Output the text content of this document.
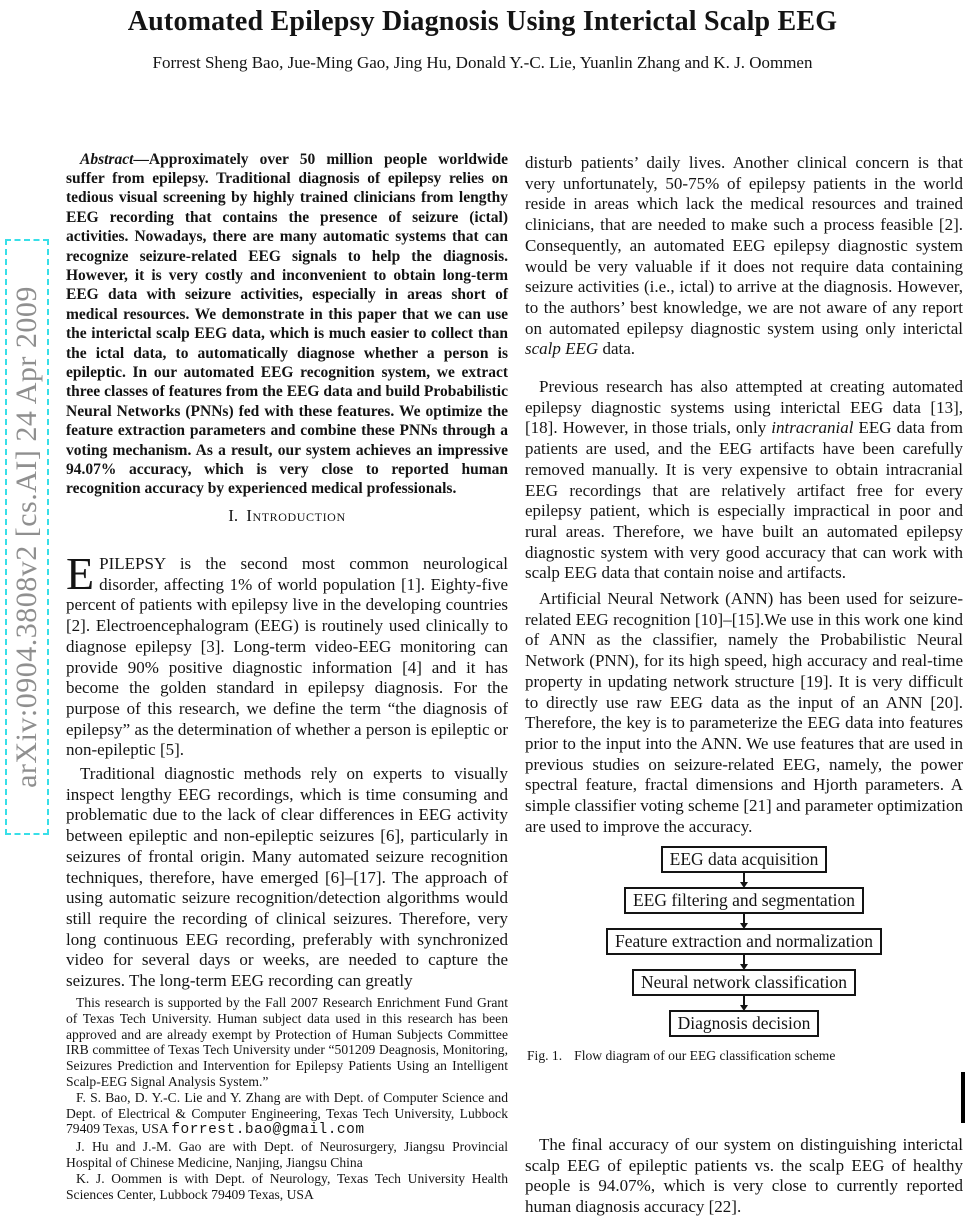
Automated Epilepsy Diagnosis Using Interictal Scalp EEG
Forrest Sheng Bao, Jue-Ming Gao, Jing Hu, Donald Y.-C. Lie, Yuanlin Zhang and K. J. Oommen
arXiv:0904.3808v2 [cs.AI] 24 Apr 2009

Abstract—Approximately over 50 million people worldwide suffer from epilepsy. Traditional diagnosis of epilepsy relies on tedious visual screening by highly trained clinicians from lengthy EEG recording that contains the presence of seizure (ictal) activities. Nowadays, there are many automatic systems that can recognize seizure-related EEG signals to help the diagnosis. However, it is very costly and inconvenient to obtain long-term EEG data with seizure activities, especially in areas short of medical resources. We demonstrate in this paper that we can use the interictal scalp EEG data, which is much easier to collect than the ictal data, to automatically diagnose whether a person is epileptic. In our automated EEG recognition system, we extract three classes of features from the EEG data and build Probabilistic Neural Networks (PNNs) fed with these features. We optimize the feature extraction parameters and combine these PNNs through a voting mechanism. As a result, our system achieves an impressive 94.07% accuracy, which is very close to reported human recognition accuracy by experienced medical professionals.

I. Introduction

EPILEPSY is the second most common neurological disorder, affecting 1% of world population [1]. Eighty-five percent of patients with epilepsy live in the developing countries [2]. Electroencephalogram (EEG) is routinely used clinically to diagnose epilepsy [3]. Long-term video-EEG monitoring can provide 90% positive diagnostic information [4] and it has become the golden standard in epilepsy diagnosis. For the purpose of this research, we define the term “the diagnosis of epilepsy” as the determination of whether a person is epileptic or non-epileptic [5].

Traditional diagnostic methods rely on experts to visually inspect lengthy EEG recordings, which is time consuming and problematic due to the lack of clear differences in EEG activity between epileptic and non-epileptic seizures [6], particularly in seizures of frontal origin. Many automated seizure recognition techniques, therefore, have emerged [6]–[17]. The approach of using automatic seizure recognition/detection algorithms would still require the recording of clinical seizures. Therefore, very long continuous EEG recording, preferably with synchronized video for several days or weeks, are needed to capture the seizures. The long-term EEG recording can greatly

This research is supported by the Fall 2007 Research Enrichment Fund Grant of Texas Tech University. Human subject data used in this research has been approved and are already exempt by Protection of Human Subjects Committee IRB committee of Texas Tech University under “501209 Deagnosis, Monitoring, Seizures Prediction and Intervention for Epilepsy Patients Using an Intelligent Scalp-EEG Signal Analysis System.”

F. S. Bao, D. Y.-C. Lie and Y. Zhang are with Dept. of Computer Science and Dept. of Electrical & Computer Engineering, Texas Tech University, Lubbock 79409 Texas, USA forrest.bao@gmail.com

J. Hu and J.-M. Gao are with Dept. of Neurosurgery, Jiangsu Provincial Hospital of Chinese Medicine, Nanjing, Jiangsu China

K. J. Oommen is with Dept. of Neurology, Texas Tech University Health Sciences Center, Lubbock 79409 Texas, USA

disturb patients’ daily lives. Another clinical concern is that very unfortunately, 50-75% of epilepsy patients in the world reside in areas which lack the medical resources and trained clinicians, that are needed to make such a process feasible [2]. Consequently, an automated EEG epilepsy diagnostic system would be very valuable if it does not require data containing seizure activities (i.e., ictal) to arrive at the diagnosis. However, to the authors’ best knowledge, we are not aware of any report on automated epilepsy diagnostic system using only interictal scalp EEG data.

Previous research has also attempted at creating automated epilepsy diagnostic systems using interictal EEG data [13], [18]. However, in those trials, only intracranial EEG data from patients are used, and the EEG artifacts have been carefully removed manually. It is very expensive to obtain intracranial EEG recordings that are relatively artifact free for every epilepsy patient, which is especially impractical in poor and rural areas. Therefore, we have built an automated epilepsy diagnostic system with very good accuracy that can work with scalp EEG data that contain noise and artifacts.

Artificial Neural Network (ANN) has been used for seizure-related EEG recognition [10]–[15].We use in this work one kind of ANN as the classifier, namely the Probabilistic Neural Network (PNN), for its high speed, high accuracy and real-time property in updating network structure [19]. It is very difficult to directly use raw EEG data as the input of an ANN [20]. Therefore, the key is to parameterize the EEG data into features prior to the input into the ANN. We use features that are used in previous studies on seizure-related EEG, namely, the power spectral feature, fractal dimensions and Hjorth parameters. A simple classifier voting scheme [21] and parameter optimization are used to improve the accuracy.

EEG data acquisition
EEG filtering and segmentation
Feature extraction and normalization
Neural network classification
Diagnosis decision
Fig. 1. Flow diagram of our EEG classification scheme

The final accuracy of our system on distinguishing interictal scalp EEG of epileptic patients vs. the scalp EEG of healthy people is 94.07%, which is very close to currently reported human diagnosis accuracy [22].
